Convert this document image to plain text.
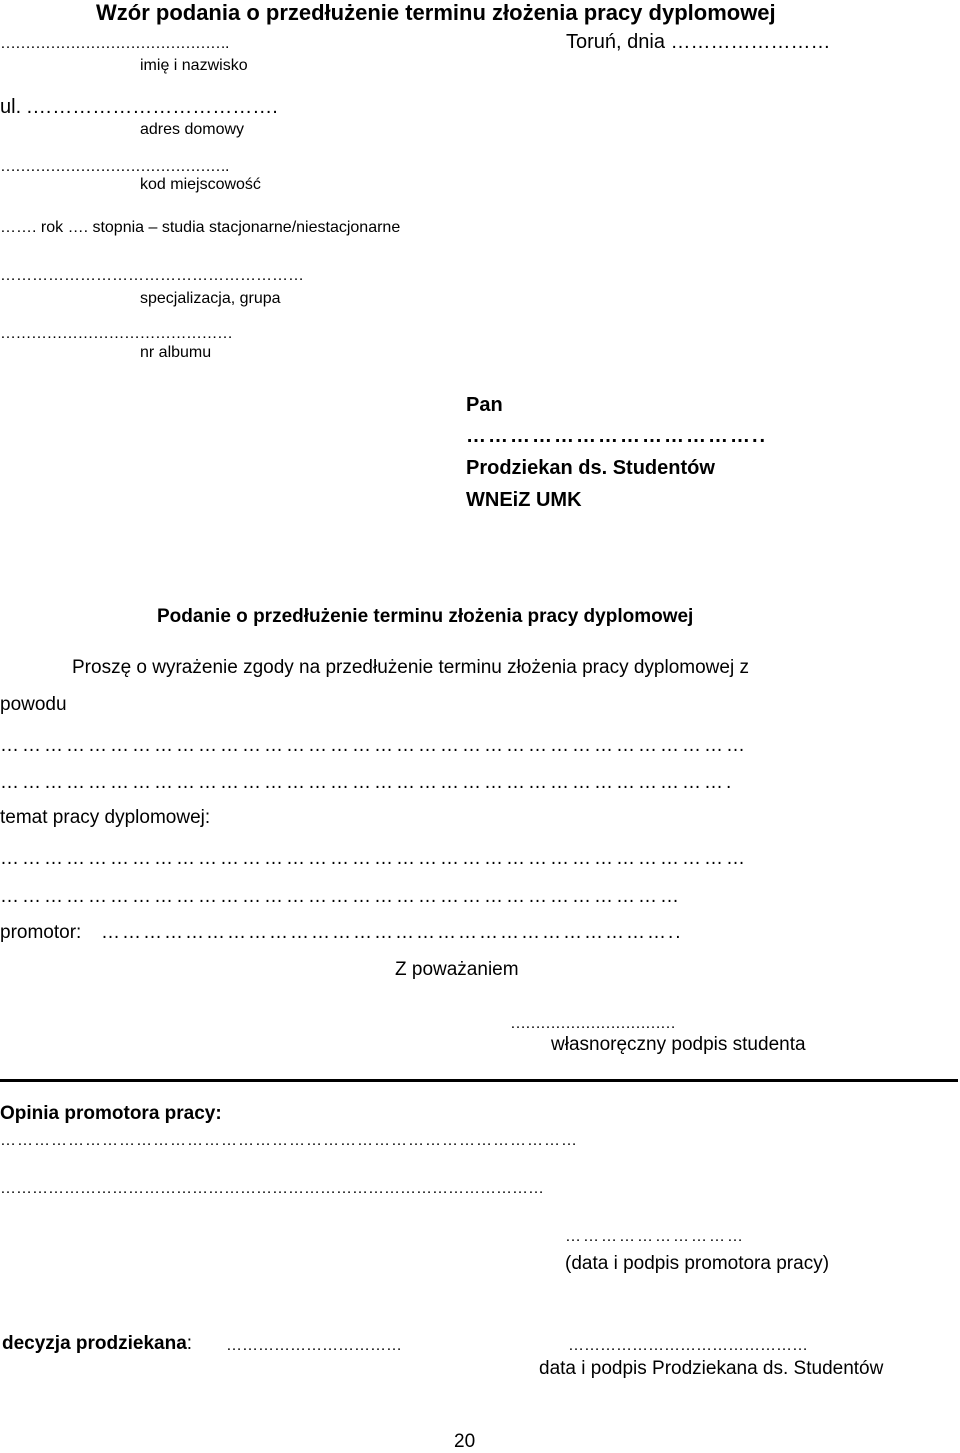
Wzór podania o przedłużenie terminu złożenia pracy dyplomowej
……………………………………….	Toruń, dnia ……………………
imię i nazwisko
ul. .……………………………….
adres domowy
……………………………………….
kod miejscowość
……. rok …. stopnia – studia stacjonarne/niestacjonarne
…………………………………………………
specjalizacja, grupa
………………………………………
nr albumu
Pan
…………………………………..
Prodziekan ds. Studentów
WNEiZ UMK
Podanie o przedłużenie terminu złożenia pracy dyplomowej
Proszę o wyrażenie zgody na przedłużenie terminu złożenia pracy dyplomowej z
powodu
…………………………………………………………………………………………
……………………………………………………………………………………….
temat pracy dyplomowej:
…………………………………………………………………………………………
…………………………………………………………………………………
promotor: ………………………………………………………………………..
Z poważaniem
……………………………
własnoręczny podpis studenta
Opinia promotora pracy:
…………………………………………………………………………………………
…………………………………………………………………………………………
…………………………
(data i podpis promotora pracy)
decyzja prodziekana: ……………………………	………………………………………
data i podpis Prodziekana ds. Studentów
20
